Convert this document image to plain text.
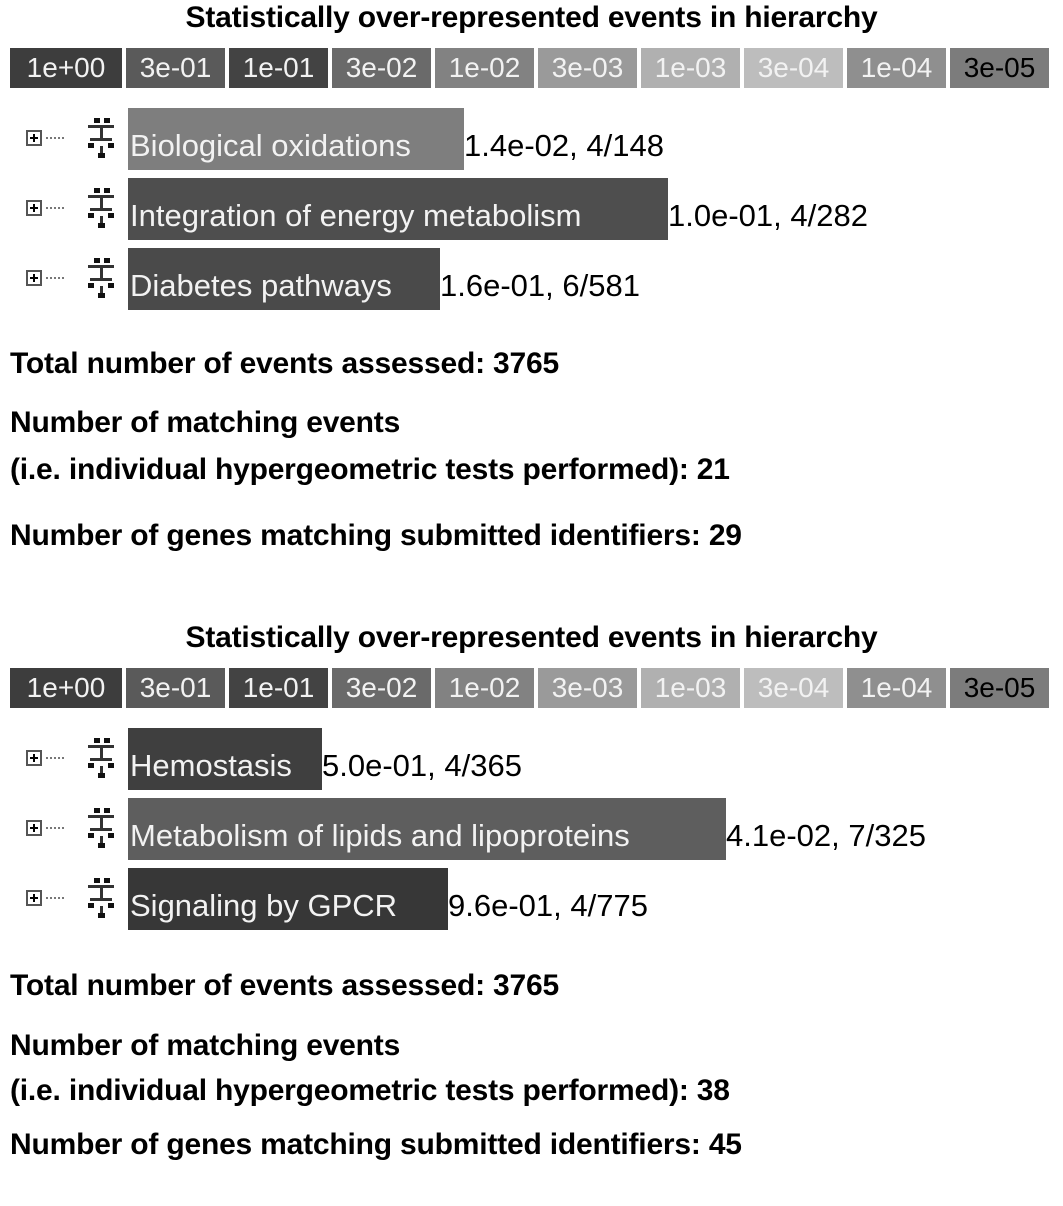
Statistically over-represented events in hierarchy
1e+00	3e-01	1e-01	3e-02	1e-02	3e-03	1e-03	3e-04	1e-04	3e-05
Biological oxidations	1.4e-02, 4/148
Integration of energy metabolism	1.0e-01, 4/282
Diabetes pathways	1.6e-01, 6/581
Total number of events assessed: 3765
Number of matching events
(i.e. individual hypergeometric tests performed): 21
Number of genes matching submitted identifiers: 29
Statistically over-represented events in hierarchy
1e+00	3e-01	1e-01	3e-02	1e-02	3e-03	1e-03	3e-04	1e-04	3e-05
Hemostasis 5.0e-01, 4/365
Metabolism of lipids and lipoproteins	4.1e-02, 7/325
Signaling by GPCR	9.6e-01, 4/775
Total number of events assessed: 3765
Number of matching events
(i.e. individual hypergeometric tests performed): 38
Number of genes matching submitted identifiers: 45
